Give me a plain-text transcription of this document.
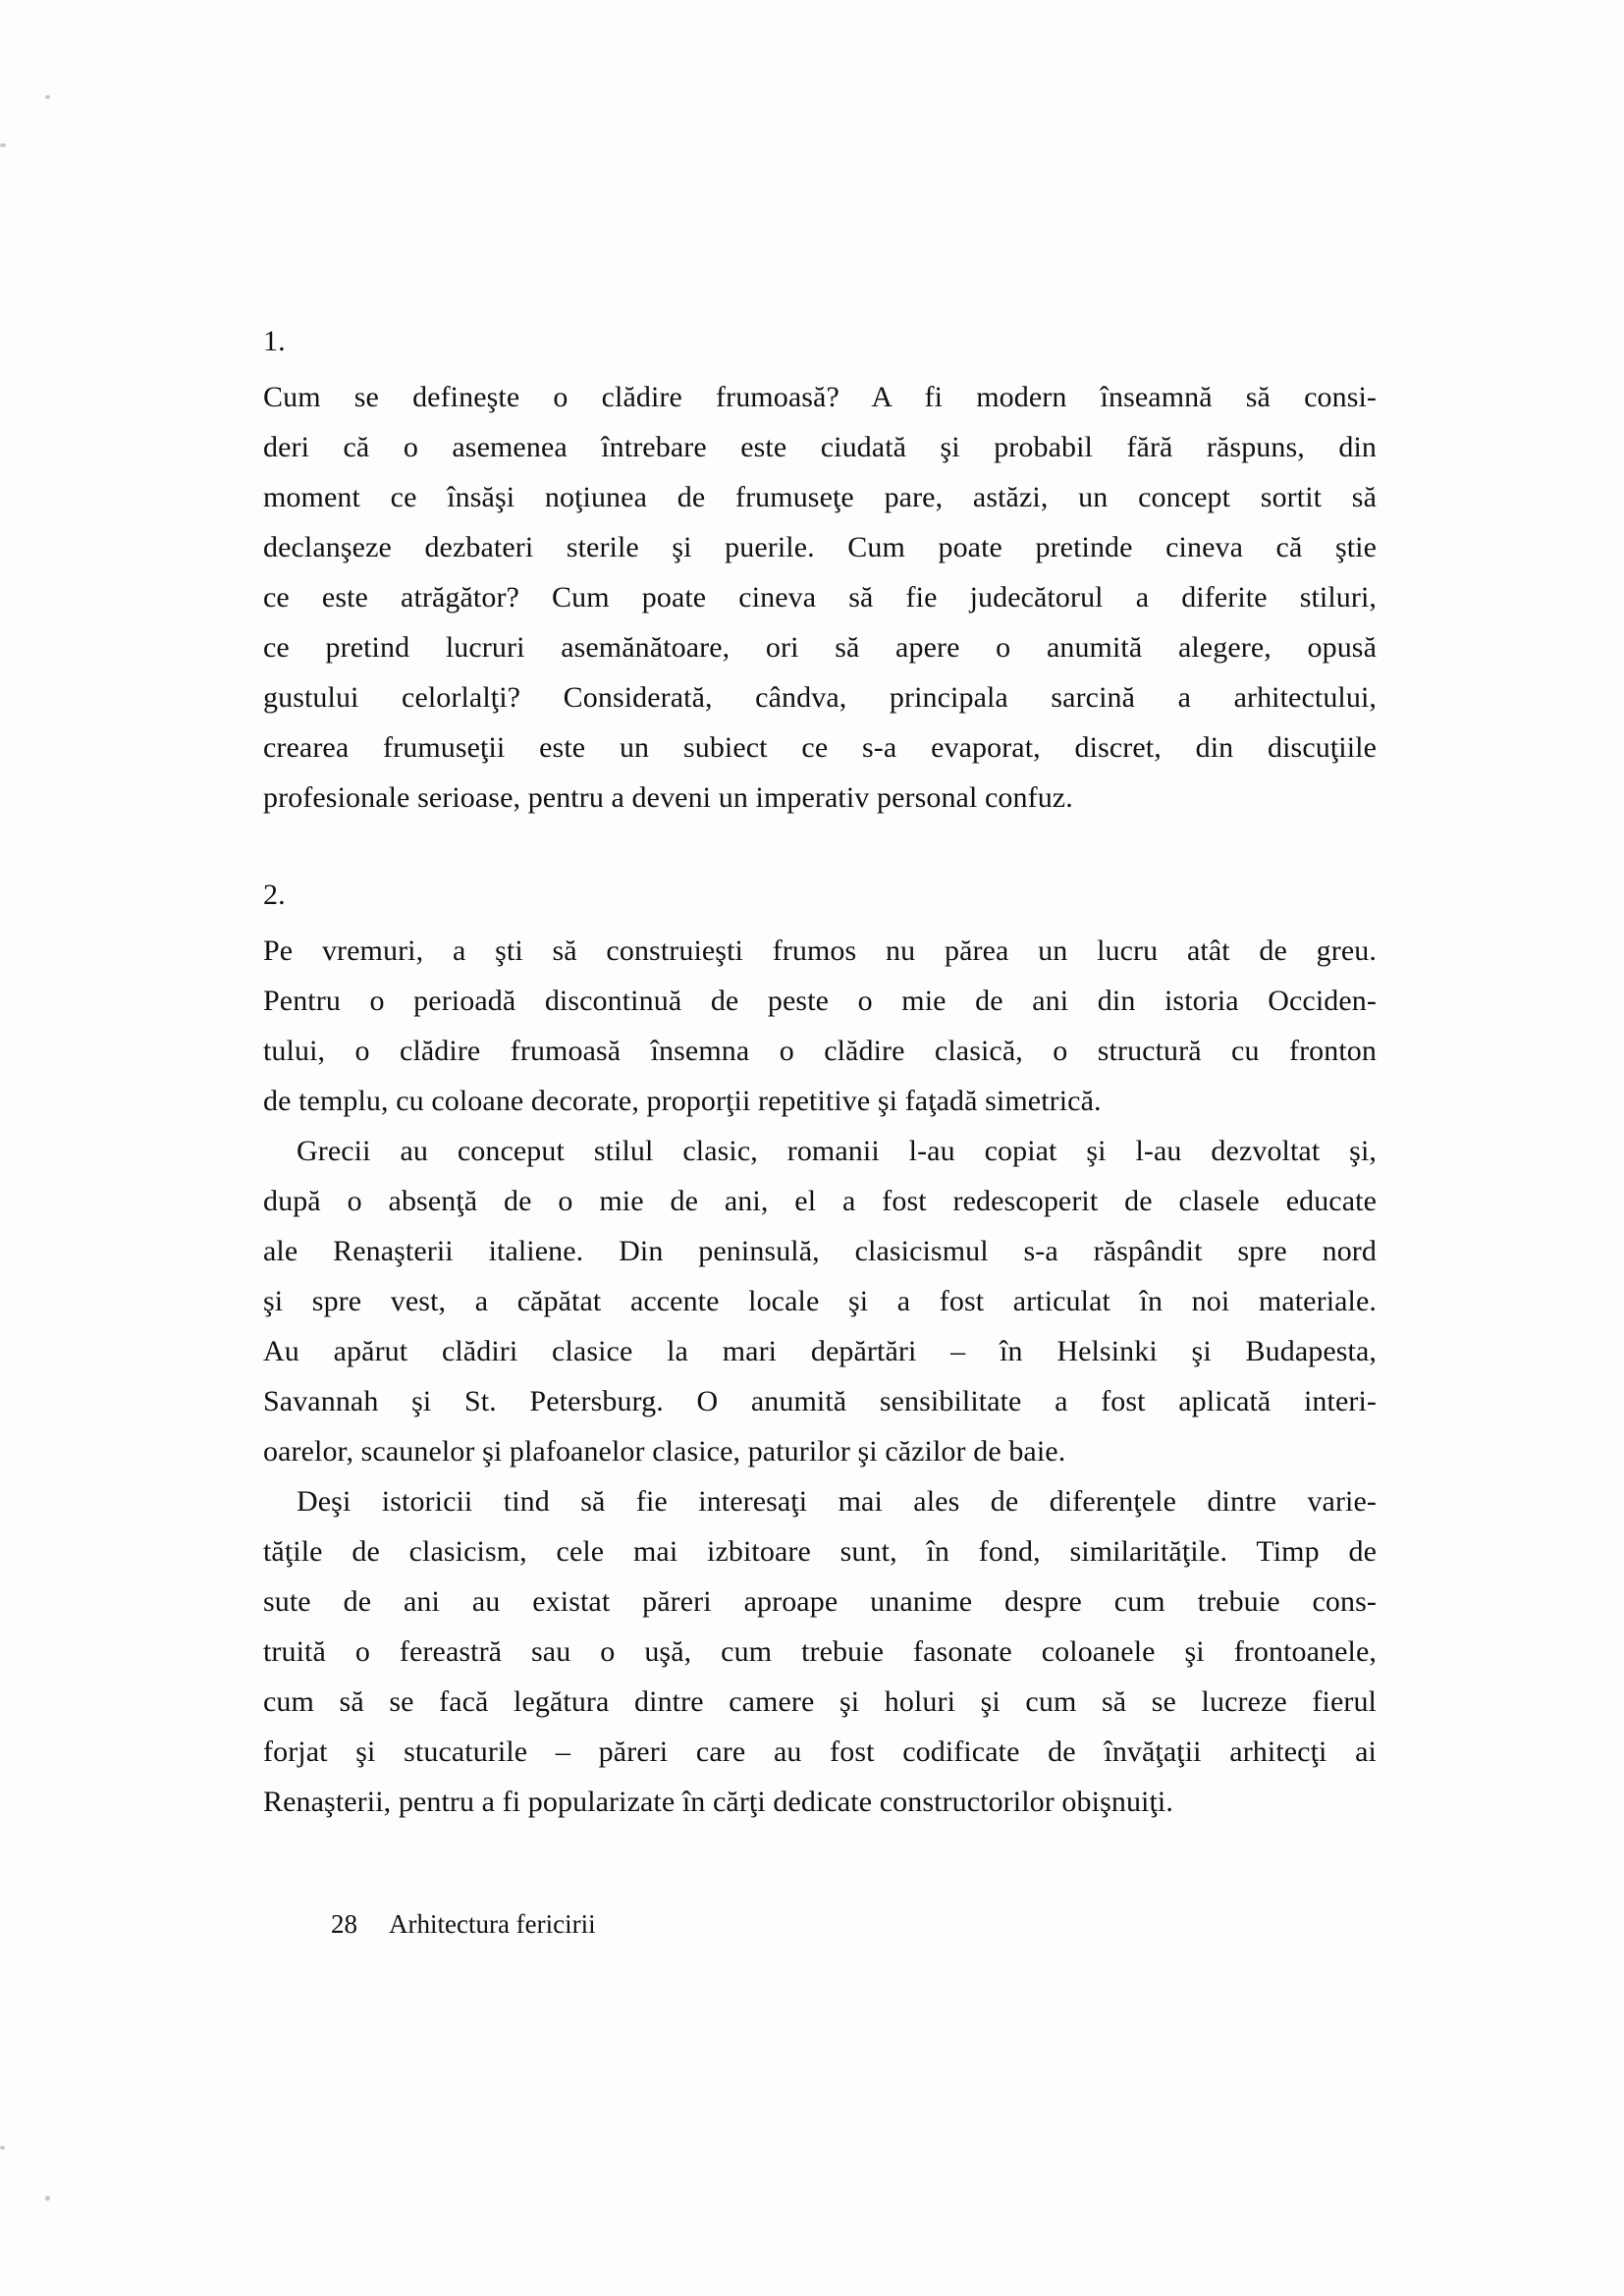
1.
Cum se defineşte o clădire frumoasă? A fi modern înseamnă să consi-
deri că o asemenea întrebare este ciudată şi probabil fără răspuns, din
moment ce însăşi noţiunea de frumuseţe pare, astăzi, un concept sortit să
declanşeze dezbateri sterile şi puerile. Cum poate pretinde cineva că ştie
ce este atrăgător? Cum poate cineva să fie judecătorul a diferite stiluri,
ce pretind lucruri asemănătoare, ori să apere o anumită alegere, opusă
gustului celorlalţi? Considerată, cândva, principala sarcină a arhitectului,
crearea frumuseţii este un subiect ce s-a evaporat, discret, din discuţiile
profesionale serioase, pentru a deveni un imperativ personal confuz.
2.
Pe vremuri, a şti să construieşti frumos nu părea un lucru atât de greu.
Pentru o perioadă discontinuă de peste o mie de ani din istoria Occiden-
tului, o clădire frumoasă însemna o clădire clasică, o structură cu fronton
de templu, cu coloane decorate, proporţii repetitive şi faţadă simetrică.
Grecii au conceput stilul clasic, romanii l-au copiat şi l-au dezvoltat şi,
după o absenţă de o mie de ani, el a fost redescoperit de clasele educate
ale Renaşterii italiene. Din peninsulă, clasicismul s-a răspândit spre nord
şi spre vest, a căpătat accente locale şi a fost articulat în noi materiale.
Au apărut clădiri clasice la mari depărtări – în Helsinki şi Budapesta,
Savannah şi St. Petersburg. O anumită sensibilitate a fost aplicată interi-
oarelor, scaunelor şi plafoanelor clasice, paturilor şi căzilor de baie.
Deşi istoricii tind să fie interesaţi mai ales de diferenţele dintre varie-
tăţile de clasicism, cele mai izbitoare sunt, în fond, similarităţile. Timp de
sute de ani au existat păreri aproape unanime despre cum trebuie cons-
truită o fereastră sau o uşă, cum trebuie fasonate coloanele şi frontoanele,
cum să se facă legătura dintre camere şi holuri şi cum să se lucreze fierul
forjat şi stucaturile – păreri care au fost codificate de învăţaţii arhitecţi ai
Renaşterii, pentru a fi popularizate în cărţi dedicate constructorilor obişnuiţi.
28 Arhitectura fericirii
